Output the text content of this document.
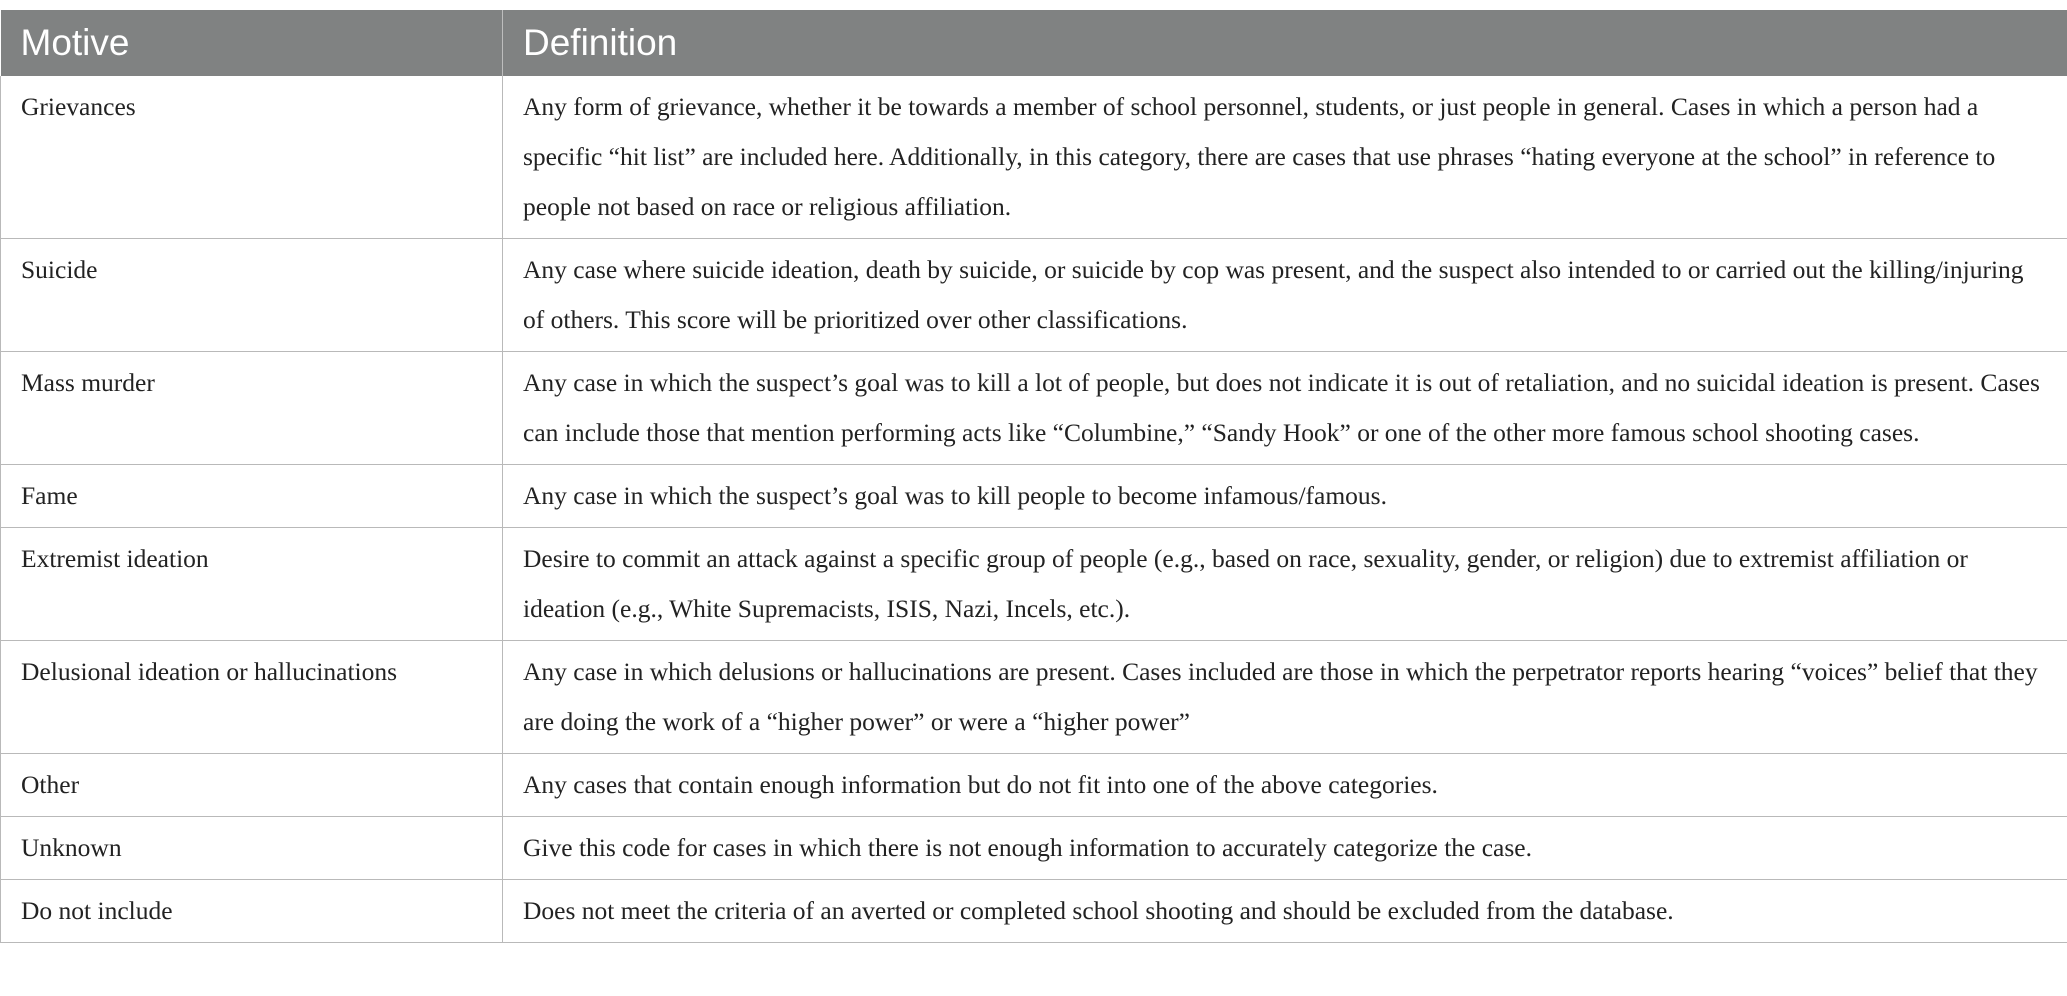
Motive	Definition
Grievances	Any form of grievance, whether it be towards a member of school personnel, students, or just people in general. Cases in which a person had a specific “hit list” are included here. Additionally, in this category, there are cases that use phrases “hating everyone at the school” in reference to people not based on race or religious affiliation.
Suicide	Any case where suicide ideation, death by suicide, or suicide by cop was present, and the suspect also intended to or carried out the killing/injuring of others. This score will be prioritized over other classifications.
Mass murder	Any case in which the suspect’s goal was to kill a lot of people, but does not indicate it is out of retaliation, and no suicidal ideation is present. Cases can include those that mention performing acts like “Columbine,” “Sandy Hook” or one of the other more famous school shooting cases.
Fame	Any case in which the suspect’s goal was to kill people to become infamous/famous.
Extremist ideation	Desire to commit an attack against a specific group of people (e.g., based on race, sexuality, gender, or religion) due to extremist affiliation or ideation (e.g., White Supremacists, ISIS, Nazi, Incels, etc.).
Delusional ideation or hallucinations	Any case in which delusions or hallucinations are present. Cases included are those in which the perpetrator reports hearing “voices” belief that they are doing the work of a “higher power” or were a “higher power”
Other	Any cases that contain enough information but do not fit into one of the above categories.
Unknown	Give this code for cases in which there is not enough information to accurately categorize the case.
Do not include	Does not meet the criteria of an averted or completed school shooting and should be excluded from the database.
